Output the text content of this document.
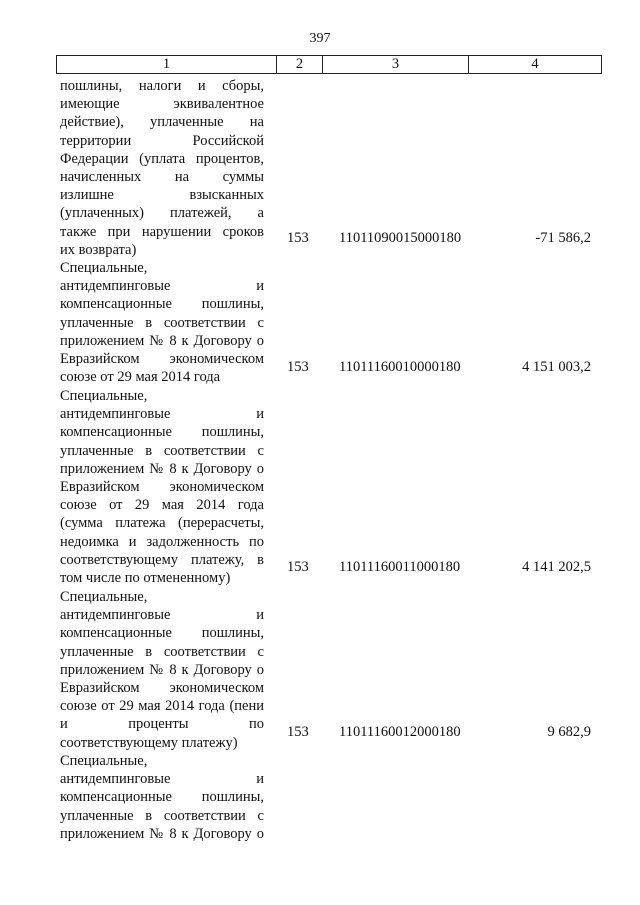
397
1	2	3	4
пошлины, налоги и сборы,
имеющие эквивалентное
действие), уплаченные на
территории Российской
Федерации (уплата процентов,
начисленных на суммы
излишне взысканных
(уплаченных) платежей, а
также при нарушении сроков
их возврата)
153	11011090015000180	-71 586,2
Специальные,
антидемпинговые и
компенсационные пошлины,
уплаченные в соответствии с
приложением № 8 к Договору о
Евразийском экономическом
союзе от 29 мая 2014 года
153	11011160010000180	4 151 003,2
Специальные,
антидемпинговые и
компенсационные пошлины,
уплаченные в соответствии с
приложением № 8 к Договору о
Евразийском экономическом
союзе от 29 мая 2014 года
(сумма платежа (перерасчеты,
недоимка и задолженность по
соответствующему платежу, в
том числе по отмененному)
153	11011160011000180	4 141 202,5
Специальные,
антидемпинговые и
компенсационные пошлины,
уплаченные в соответствии с
приложением № 8 к Договору о
Евразийском экономическом
союзе от 29 мая 2014 года (пени
и проценты по
соответствующему платежу)
153	11011160012000180	9 682,9
Специальные,
антидемпинговые и
компенсационные пошлины,
уплаченные в соответствии с
приложением № 8 к Договору о
